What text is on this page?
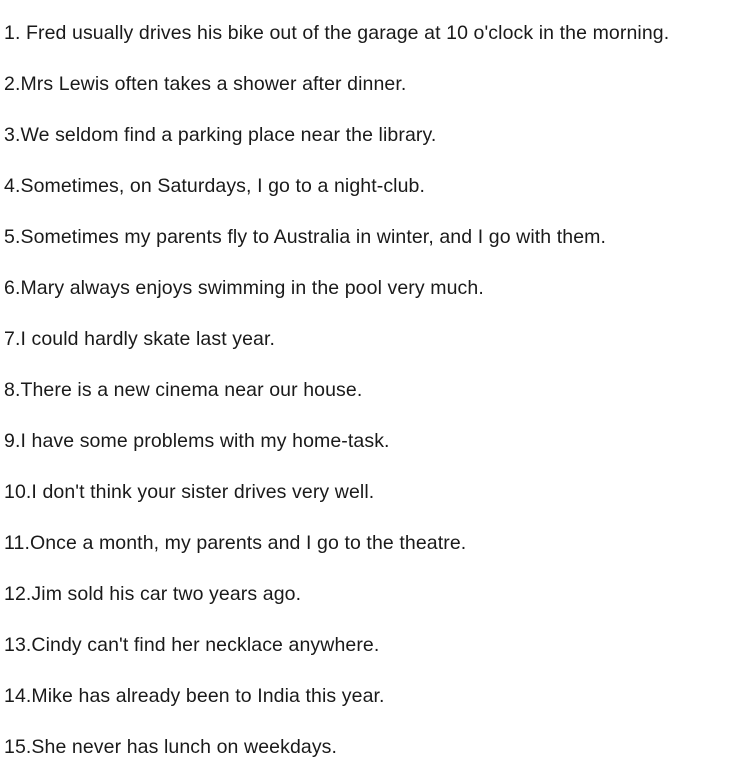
1. Fred usually drives his bike out of the garage at 10 o'clock in the morning.
2.Mrs Lewis often takes a shower after dinner.
3.We seldom find a parking place near the library.
4.Sometimes, on Saturdays, I go to a night-club.
5.Sometimes my parents fly to Australia in winter, and I go with them.
6.Mary always enjoys swimming in the pool very much.
7.I could hardly skate last year.
8.There is a new cinema near our house.
9.I have some problems with my home-task.
10.I don't think your sister drives very well.
11.Once a month, my parents and I go to the theatre.
12.Jim sold his car two years ago.
13.Cindy can't find her necklace anywhere.
14.Mike has already been to India this year.
15.She never has lunch on weekdays.
